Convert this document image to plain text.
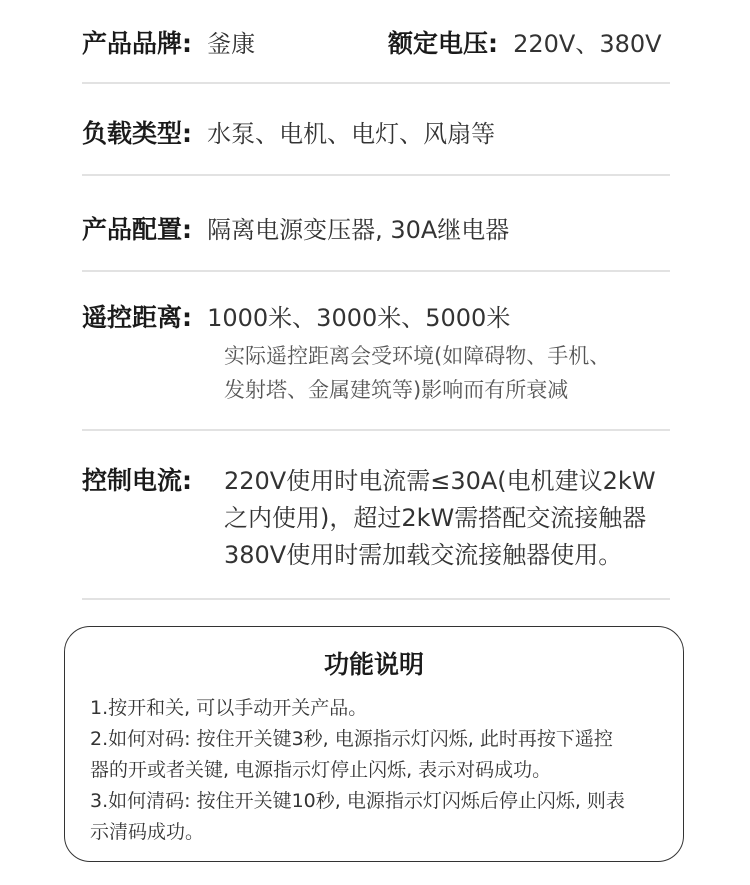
产品品牌: 釜康	额定电压: 220V、380V
负载类型: 水泵、电机、电灯、风扇等
产品配置: 隔离电源变压器, 30A继电器
遥控距离: 1000米、3000米、5000米
实际遥控距离会受环境(如障碍物、手机、
发射塔、金属建筑等)影响而有所衰减
控制电流: 220V使用时电流需≤30A(电机建议2kW
之内使用)，超过2kW需搭配交流接触器
380V使用时需加载交流接触器使用。
功能说明
1.按开和关, 可以手动开关产品。
2.如何对码: 按住开关键3秒, 电源指示灯闪烁, 此时再按下遥控
器的开或者关键, 电源指示灯停止闪烁, 表示对码成功。
3.如何清码: 按住开关键10秒, 电源指示灯闪烁后停止闪烁, 则表
示清码成功。
